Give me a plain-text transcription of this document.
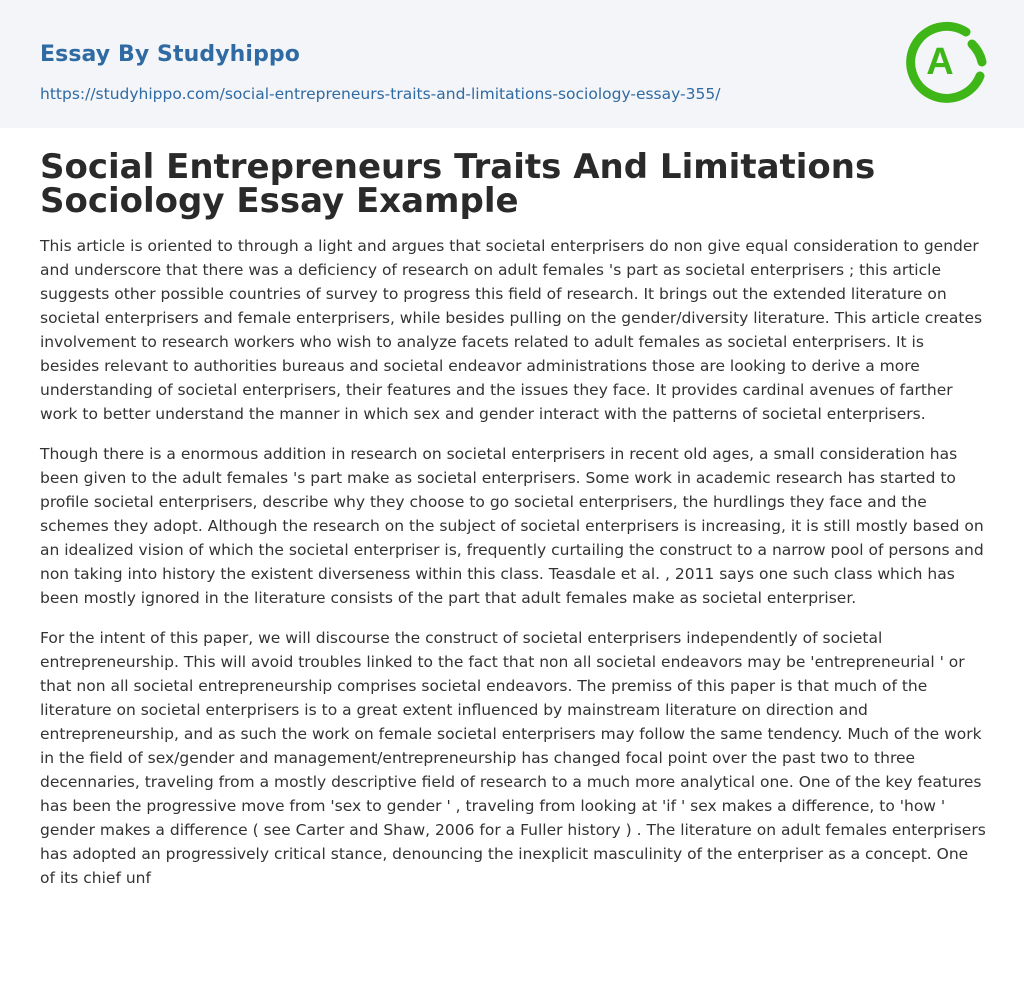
Essay By Studyhippo
https://studyhippo.com/social-entrepreneurs-traits-and-limitations-sociology-essay-355/
A
Social Entrepreneurs Traits And Limitations Sociology Essay Example

This article is oriented to through a light and argues that societal enterprisers do non give equal consideration to gender and underscore that there was a deficiency of research on adult females 's part as societal enterprisers ; this article suggests other possible countries of survey to progress this field of research. It brings out the extended literature on societal enterprisers and female enterprisers, while besides pulling on the gender/diversity literature. This article creates involvement to research workers who wish to analyze facets related to adult females as societal enterprisers. It is besides relevant to authorities bureaus and societal endeavor administrations those are looking to derive a more understanding of societal enterprisers, their features and the issues they face. It provides cardinal avenues of farther work to better understand the manner in which sex and gender interact with the patterns of societal enterprisers.

Though there is a enormous addition in research on societal enterprisers in recent old ages, a small consideration has been given to the adult females 's part make as societal enterprisers. Some work in academic research has started to profile societal enterprisers, describe why they choose to go societal enterprisers, the hurdlings they face and the schemes they adopt. Although the research on the subject of societal enterprisers is increasing, it is still mostly based on an idealized vision of which the societal enterpriser is, frequently curtailing the construct to a narrow pool of persons and non taking into history the existent diverseness within this class. Teasdale et al. , 2011 says one such class which has been mostly ignored in the literature consists of the part that adult females make as societal enterpriser.

For the intent of this paper, we will discourse the construct of societal enterprisers independently of societal entrepreneurship. This will avoid troubles linked to the fact that non all societal endeavors may be 'entrepreneurial ' or that non all societal entrepreneurship comprises societal endeavors. The premiss of this paper is that much of the literature on societal enterprisers is to a great extent influenced by mainstream literature on direction and entrepreneurship, and as such the work on female societal enterprisers may follow the same tendency. Much of the work in the field of sex/gender and management/entrepreneurship has changed focal point over the past two to three decennaries, traveling from a mostly descriptive field of research to a much more analytical one. One of the key features has been the progressive move from 'sex to gender ' , traveling from looking at 'if ' sex makes a difference, to 'how ' gender makes a difference ( see Carter and Shaw, 2006 for a Fuller history ) . The literature on adult females enterprisers has adopted an progressively critical stance, denouncing the inexplicit masculinity of the enterpriser as a concept. One of its chief unf
